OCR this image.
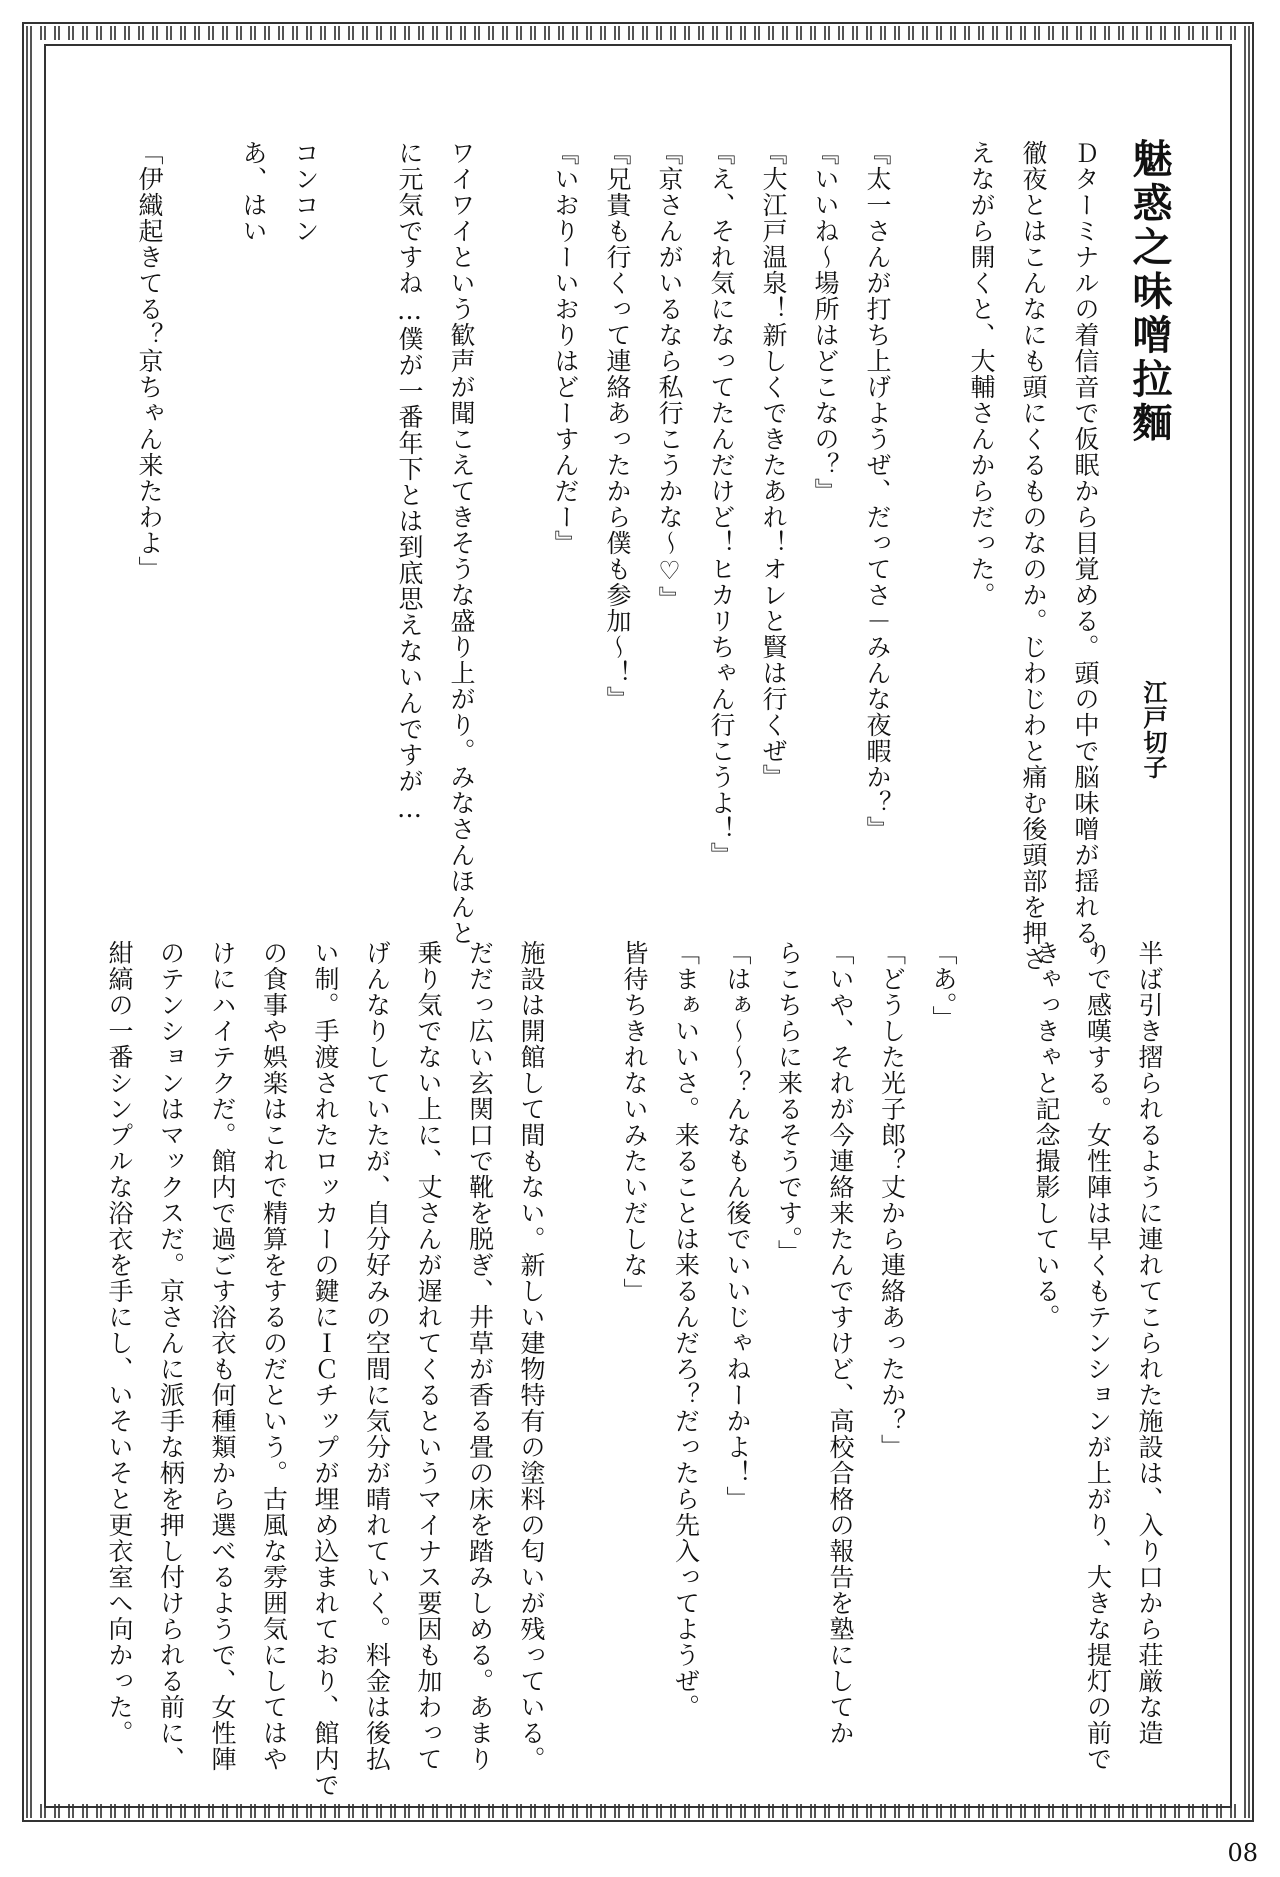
魅惑之味噌拉麵
江戸切子
Ｄターミナルの着信音で仮眠から目覚める。頭の中で脳味噌が揺れる。
徹夜とはこんなにも頭にくるものなのか。じわじわと痛む後頭部を押さ
えながら開くと、大輔さんからだった。
『太一さんが打ち上げようぜ、だってさ－みんな夜暇か？』
『いいね～場所はどこなの？』
『大江戸温泉！新しくできたあれ！オレと賢は行くぜ』
『え、それ気になってたんだけど！ヒカリちゃん行こうよ！』
『京さんがいるなら私行こうかな～♡』
『兄貴も行くって連絡あったから僕も参加～！』
『いおりーいおりはどーすんだー』
ワイワイという歓声が聞こえてきそうな盛り上がり。みなさんほんと
に元気ですね…僕が一番年下とは到底思えないんですが…
コンコン
あ、はい
「伊織起きてる？京ちゃん来たわよ」
半ば引き摺られるように連れてこられた施設は、入り口から荘厳な造
りで感嘆する。女性陣は早くもテンションが上がり、大きな提灯の前で
きゃっきゃと記念撮影している。
「あ。」
「どうした光子郎？丈から連絡あったか？」
「いや、それが今連絡来たんですけど、高校合格の報告を塾にしてか
らこちらに来るそうです。」
「はぁ～～？んなもん後でいいじゃねーかよ！」
「まぁいいさ。来ることは来るんだろ？だったら先入ってようぜ。
皆待ちきれないみたいだしな」
施設は開館して間もない。新しい建物特有の塗料の匂いが残っている。
だだっ広い玄関口で靴を脱ぎ、井草が香る畳の床を踏みしめる。あまり
乗り気でない上に、丈さんが遅れてくるというマイナス要因も加わって
げんなりしていたが、自分好みの空間に気分が晴れていく。料金は後払
い制。手渡されたロッカーの鍵にＩＣチップが埋め込まれており、館内で
の食事や娯楽はこれで精算をするのだという。古風な雰囲気にしてはや
けにハイテクだ。館内で過ごす浴衣も何種類から選べるようで、女性陣
のテンションはマックスだ。京さんに派手な柄を押し付けられる前に、
紺縞の一番シンプルな浴衣を手にし、いそいそと更衣室へ向かった。
08
